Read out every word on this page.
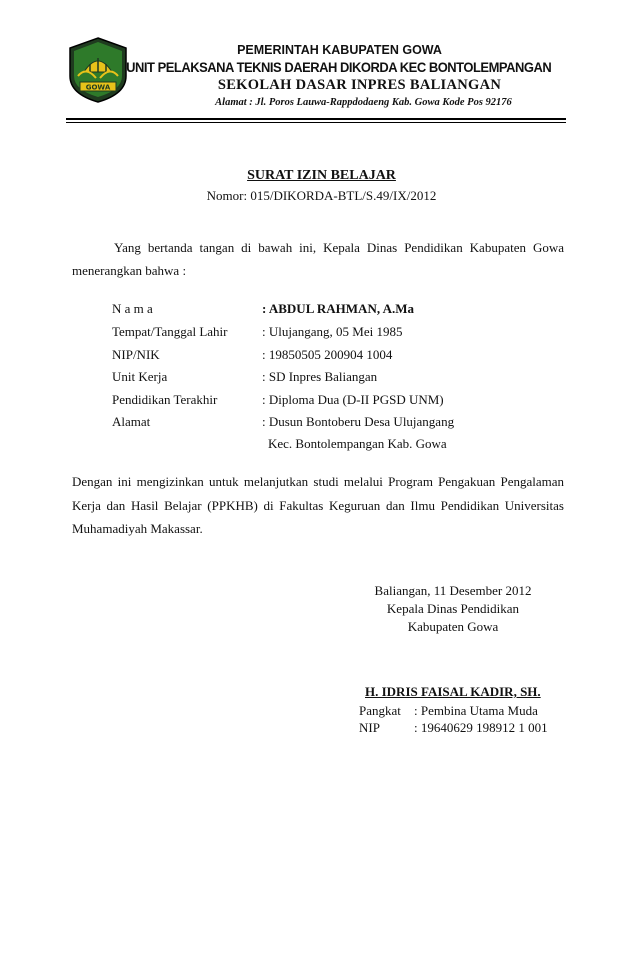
GOWA
PEMERINTAH KABUPATEN GOWA
UNIT PELAKSANA TEKNIS DAERAH DIKORDA KEC BONTOLEMPANGAN
SEKOLAH DASAR INPRES BALIANGAN
Alamat : Jl. Poros Lauwa-Rappdodaeng Kab. Gowa Kode Pos 92176
SURAT IZIN BELAJAR
Nomor: 015/DIKORDA-BTL/S.49/IX/2012
Yang bertanda tangan di bawah ini, Kepala Dinas Pendidikan Kabupaten Gowa menerangkan bahwa :
N a m a	: ABDUL RAHMAN, A.Ma
Tempat/Tanggal Lahir	: Ulujangang, 05 Mei 1985
NIP/NIK	: 19850505 200904 1004
Unit Kerja	: SD Inpres Baliangan
Pendidikan Terakhir	: Diploma Dua (D-II PGSD UNM)
Alamat	: Dusun Bontoberu Desa Ulujangang
Kec. Bontolempangan Kab. Gowa
Dengan ini mengizinkan untuk melanjutkan studi melalui Program Pengakuan Pengalaman Kerja dan Hasil Belajar (PPKHB) di Fakultas Keguruan dan Ilmu Pendidikan Universitas Muhamadiyah Makassar.
Baliangan, 11 Desember 2012
Kepala Dinas Pendidikan
Kabupaten Gowa
H. IDRIS FAISAL KADIR, SH.
Pangkat : Pembina Utama Muda
NIP	: 19640629 198912 1 001
